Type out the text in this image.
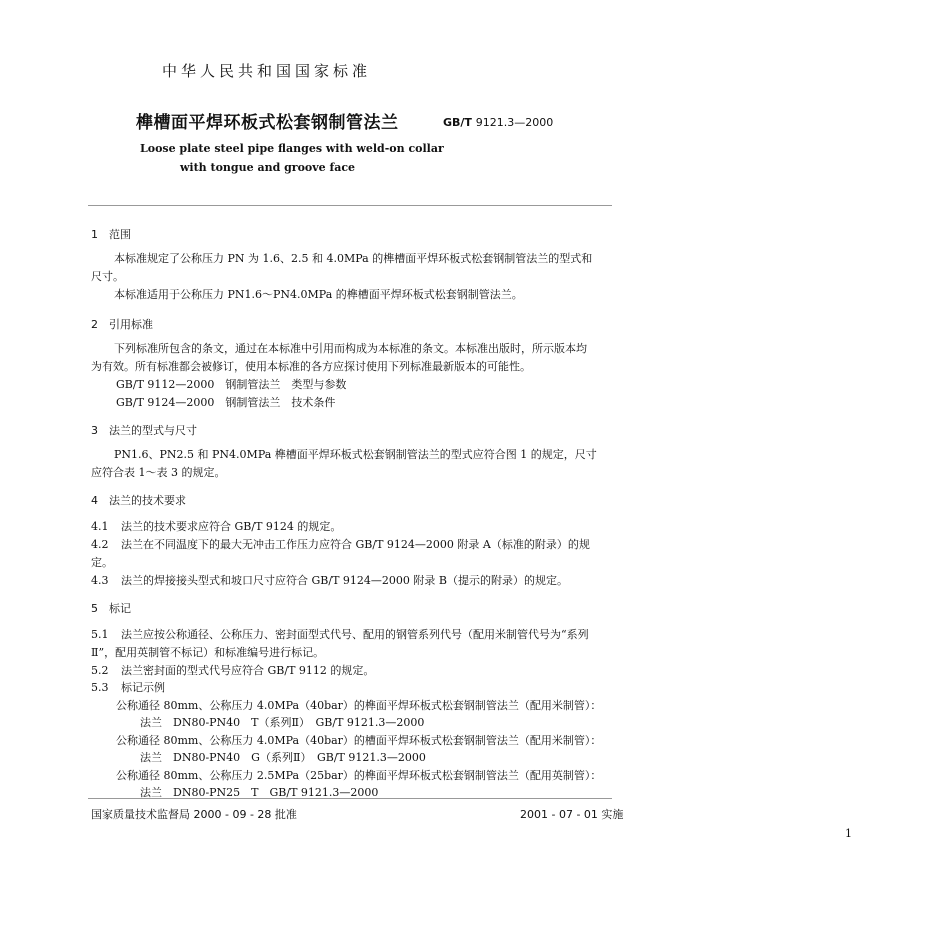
中华人民共和国国家标准
榫槽面平焊环板式松套钢制管法兰	GB/T 9121.3—2000
Loose plate steel pipe flanges with weld-on collar
with tongue and groove face
1 范围
本标准规定了公称压力 PN 为 1.6、2.5 和 4.0MPa 的榫槽面平焊环板式松套钢制管法兰的型式和
尺寸。
本标准适用于公称压力 PN1.6～PN4.0MPa 的榫槽面平焊环板式松套钢制管法兰。
2 引用标准
下列标准所包含的条文，通过在本标准中引用而构成为本标准的条文。本标准出版时，所示版本均
为有效。所有标准都会被修订，使用本标准的各方应探讨使用下列标准最新版本的可能性。
GB/T 9112—2000　钢制管法兰　类型与参数
GB/T 9124—2000　钢制管法兰　技术条件
3 法兰的型式与尺寸
PN1.6、PN2.5 和 PN4.0MPa 榫槽面平焊环板式松套钢制管法兰的型式应符合图 1 的规定，尺寸
应符合表 1～表 3 的规定。
4 法兰的技术要求
4.1 法兰的技术要求应符合 GB/T 9124 的规定。
4.2 法兰在不同温度下的最大无冲击工作压力应符合 GB/T 9124—2000 附录 A（标准的附录）的规
定。
4.3 法兰的焊接接头型式和坡口尺寸应符合 GB/T 9124—2000 附录 B（提示的附录）的规定。
5 标记
5.1 法兰应按公称通径、公称压力、密封面型式代号、配用的钢管系列代号（配用米制管代号为“系列
Ⅱ”，配用英制管不标记）和标准编号进行标记。
5.2 法兰密封面的型式代号应符合 GB/T 9112 的规定。
5.3 标记示例
公称通径 80mm、公称压力 4.0MPa（40bar）的榫面平焊环板式松套钢制管法兰（配用米制管）：
法兰　DN80-PN40　T（系列Ⅱ）　GB/T 9121.3—2000
公称通径 80mm、公称压力 4.0MPa（40bar）的槽面平焊环板式松套钢制管法兰（配用米制管）：
法兰　DN80-PN40　G（系列Ⅱ）　GB/T 9121.3—2000
公称通径 80mm、公称压力 2.5MPa（25bar）的榫面平焊环板式松套钢制管法兰（配用英制管）：
法兰　DN80-PN25　T　GB/T 9121.3—2000
国家质量技术监督局 2000 - 09 - 28 批准	2001 - 07 - 01 实施
1
